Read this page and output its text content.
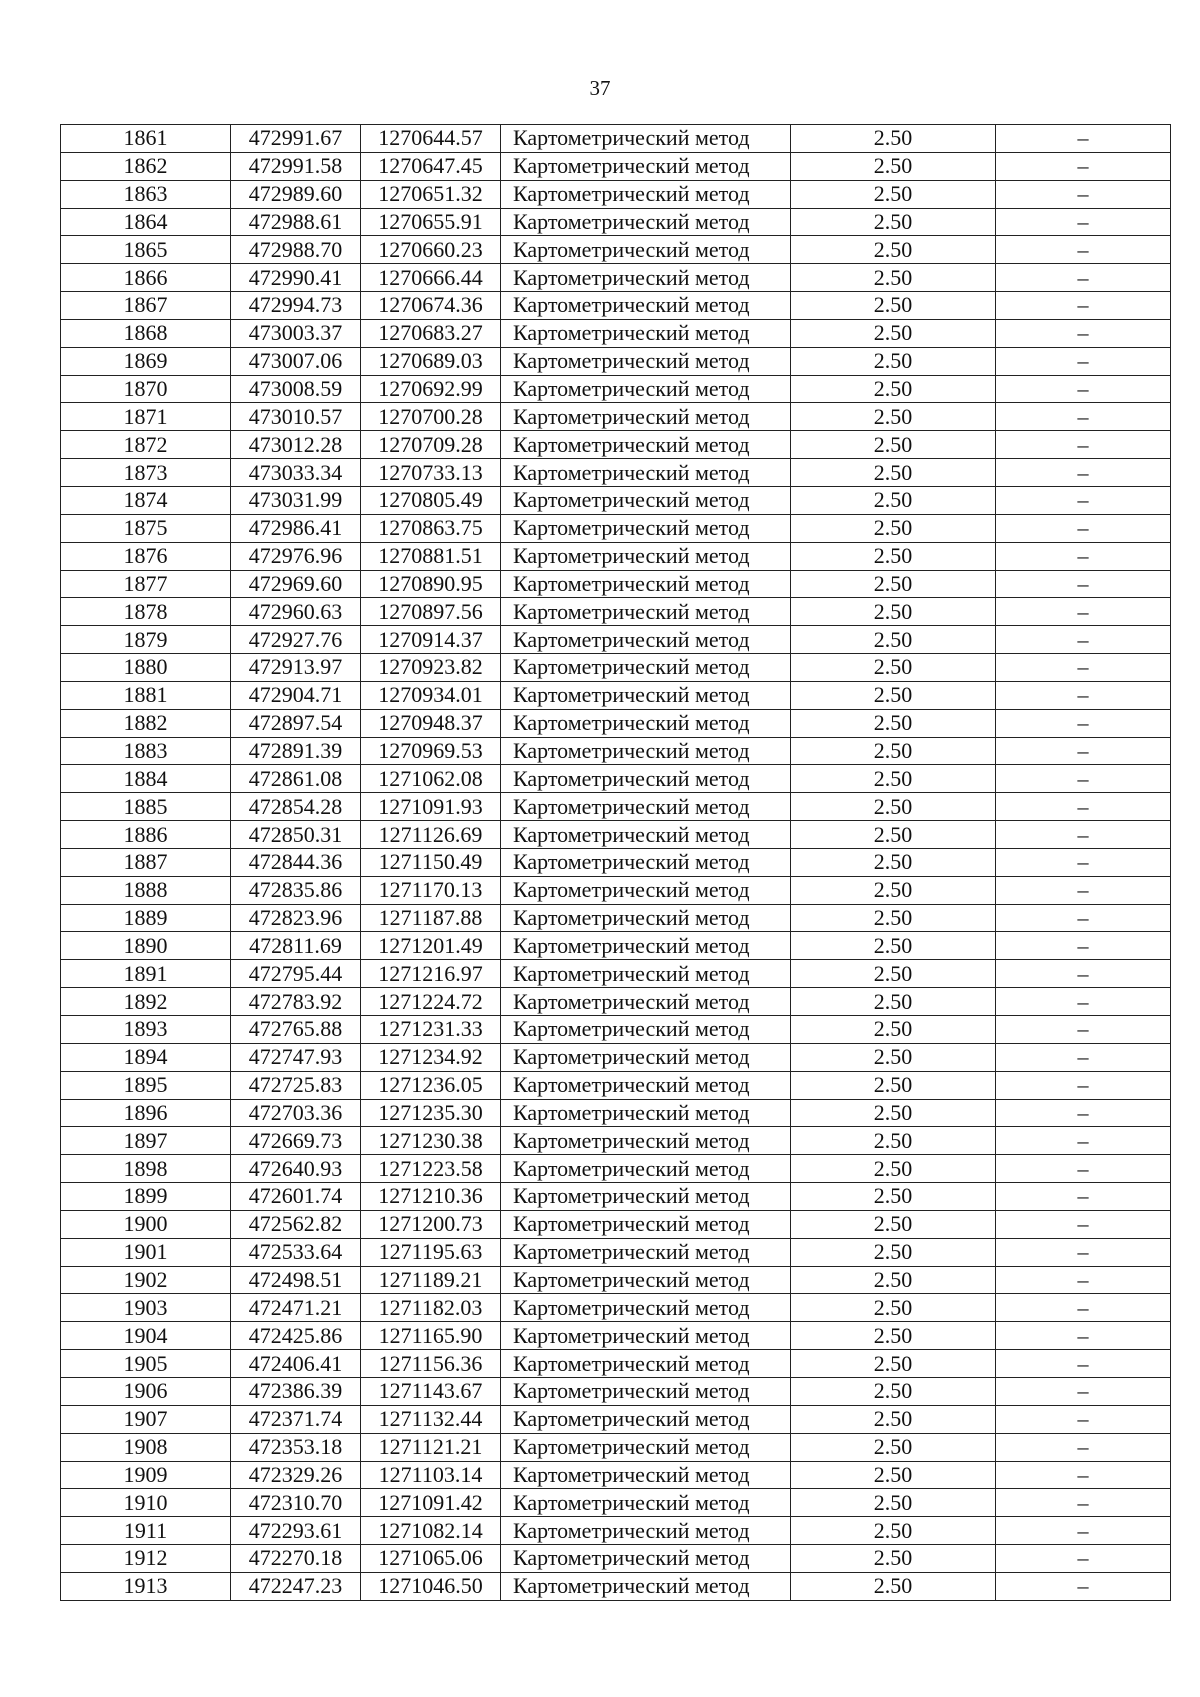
37
1861	472991.67	1270644.57	Картометрический метод	2.50	–
1862	472991.58	1270647.45	Картометрический метод	2.50	–
1863	472989.60	1270651.32	Картометрический метод	2.50	–
1864	472988.61	1270655.91	Картометрический метод	2.50	–
1865	472988.70	1270660.23	Картометрический метод	2.50	–
1866	472990.41	1270666.44	Картометрический метод	2.50	–
1867	472994.73	1270674.36	Картометрический метод	2.50	–
1868	473003.37	1270683.27	Картометрический метод	2.50	–
1869	473007.06	1270689.03	Картометрический метод	2.50	–
1870	473008.59	1270692.99	Картометрический метод	2.50	–
1871	473010.57	1270700.28	Картометрический метод	2.50	–
1872	473012.28	1270709.28	Картометрический метод	2.50	–
1873	473033.34	1270733.13	Картометрический метод	2.50	–
1874	473031.99	1270805.49	Картометрический метод	2.50	–
1875	472986.41	1270863.75	Картометрический метод	2.50	–
1876	472976.96	1270881.51	Картометрический метод	2.50	–
1877	472969.60	1270890.95	Картометрический метод	2.50	–
1878	472960.63	1270897.56	Картометрический метод	2.50	–
1879	472927.76	1270914.37	Картометрический метод	2.50	–
1880	472913.97	1270923.82	Картометрический метод	2.50	–
1881	472904.71	1270934.01	Картометрический метод	2.50	–
1882	472897.54	1270948.37	Картометрический метод	2.50	–
1883	472891.39	1270969.53	Картометрический метод	2.50	–
1884	472861.08	1271062.08	Картометрический метод	2.50	–
1885	472854.28	1271091.93	Картометрический метод	2.50	–
1886	472850.31	1271126.69	Картометрический метод	2.50	–
1887	472844.36	1271150.49	Картометрический метод	2.50	–
1888	472835.86	1271170.13	Картометрический метод	2.50	–
1889	472823.96	1271187.88	Картометрический метод	2.50	–
1890	472811.69	1271201.49	Картометрический метод	2.50	–
1891	472795.44	1271216.97	Картометрический метод	2.50	–
1892	472783.92	1271224.72	Картометрический метод	2.50	–
1893	472765.88	1271231.33	Картометрический метод	2.50	–
1894	472747.93	1271234.92	Картометрический метод	2.50	–
1895	472725.83	1271236.05	Картометрический метод	2.50	–
1896	472703.36	1271235.30	Картометрический метод	2.50	–
1897	472669.73	1271230.38	Картометрический метод	2.50	–
1898	472640.93	1271223.58	Картометрический метод	2.50	–
1899	472601.74	1271210.36	Картометрический метод	2.50	–
1900	472562.82	1271200.73	Картометрический метод	2.50	–
1901	472533.64	1271195.63	Картометрический метод	2.50	–
1902	472498.51	1271189.21	Картометрический метод	2.50	–
1903	472471.21	1271182.03	Картометрический метод	2.50	–
1904	472425.86	1271165.90	Картометрический метод	2.50	–
1905	472406.41	1271156.36	Картометрический метод	2.50	–
1906	472386.39	1271143.67	Картометрический метод	2.50	–
1907	472371.74	1271132.44	Картометрический метод	2.50	–
1908	472353.18	1271121.21	Картометрический метод	2.50	–
1909	472329.26	1271103.14	Картометрический метод	2.50	–
1910	472310.70	1271091.42	Картометрический метод	2.50	–
1911	472293.61	1271082.14	Картометрический метод	2.50	–
1912	472270.18	1271065.06	Картометрический метод	2.50	–
1913	472247.23	1271046.50	Картометрический метод	2.50	–
